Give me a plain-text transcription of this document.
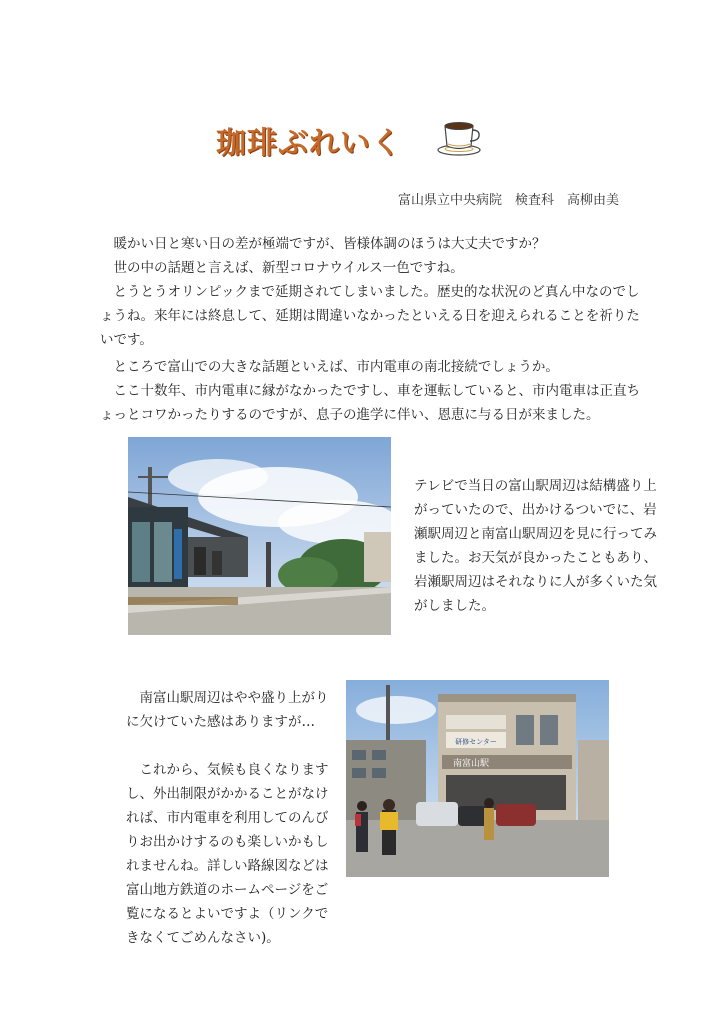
珈琲ぶれいく
富山県立中央病院　検査科　高柳由美

　暖かい日と寒い日の差が極端ですが、皆様体調のほうは大丈夫ですか？

　世の中の話題と言えば、新型コロナウイルス一色ですね。

　とうとうオリンピックまで延期されてしまいました。歴史的な状況のど真ん中なのでしょうね。来年には終息して、延期は間違いなかったといえる日を迎えられることを祈りたいです。

　ところで富山での大きな話題といえば、市内電車の南北接続でしょうか。

　ここ十数年、市内電車に縁がなかったですし、車を運転していると、市内電車は正直ちょっとコワかったりするのですが、息子の進学に伴い、恩恵に与る日が来ました。

テレビで当日の富山駅周辺は結構盛り上がっていたので、出かけるついでに、岩瀬駅周辺と南富山駅周辺を見に行ってみました。お天気が良かったこともあり、岩瀬駅周辺はそれなりに人が多くいた気がしました。

　南富山駅周辺はやや盛り上がりに欠けていた感はありますが…

　これから、気候も良くなりますし、外出制限がかかることがなければ、市内電車を利用してのんびりお出かけするのも楽しいかもしれませんね。詳しい路線図などは富山地方鉄道のホームページをご覧になるとよいですよ（リンクできなくてごめんなさい)。

研修センター
南富山駅
